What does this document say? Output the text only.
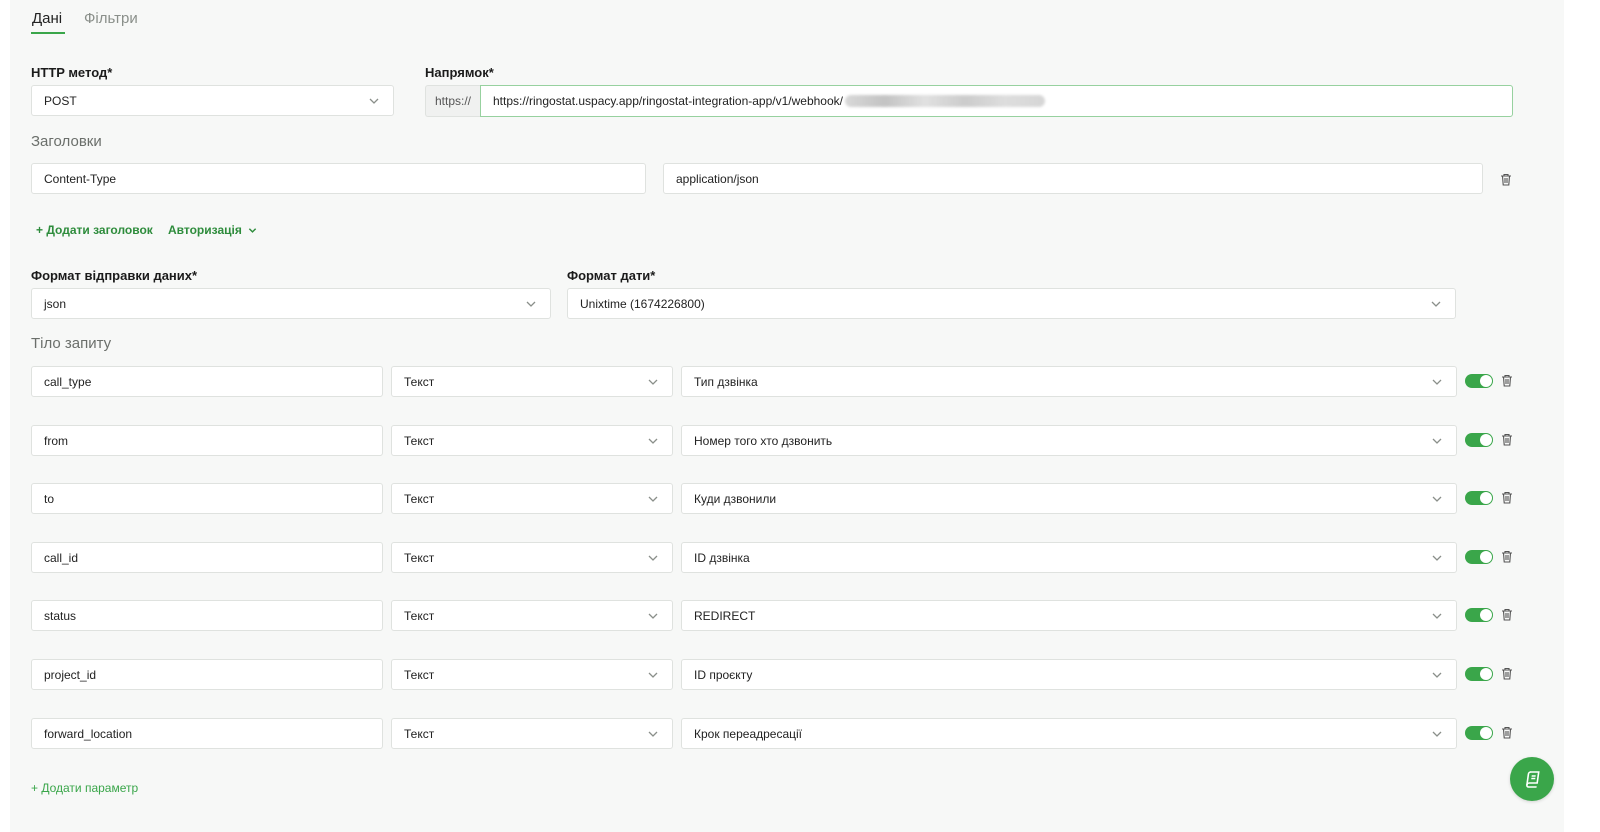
Дані Фільтри
HTTP метод*
POST
Напрямок*
https://	https://ringostat.uspacy.app/ringostat-integration-app/v1/webhook/
Заголовки
Content-Type	application/json
+ Додати заголовок Авторизація
Формат відправки даних*
json
Формат дати*
Unixtime (1674226800)
Тіло запиту
call_type	Текст	Тип дзвінка
from	Текст	Номер того хто дзвонить
to	Текст	Куди дзвонили
call_id	Текст	ID дзвінка
status	Текст	REDIRECT
project_id	Текст	ID проєкту
forward_location	Текст	Крок переадресації
+ Додати параметр
